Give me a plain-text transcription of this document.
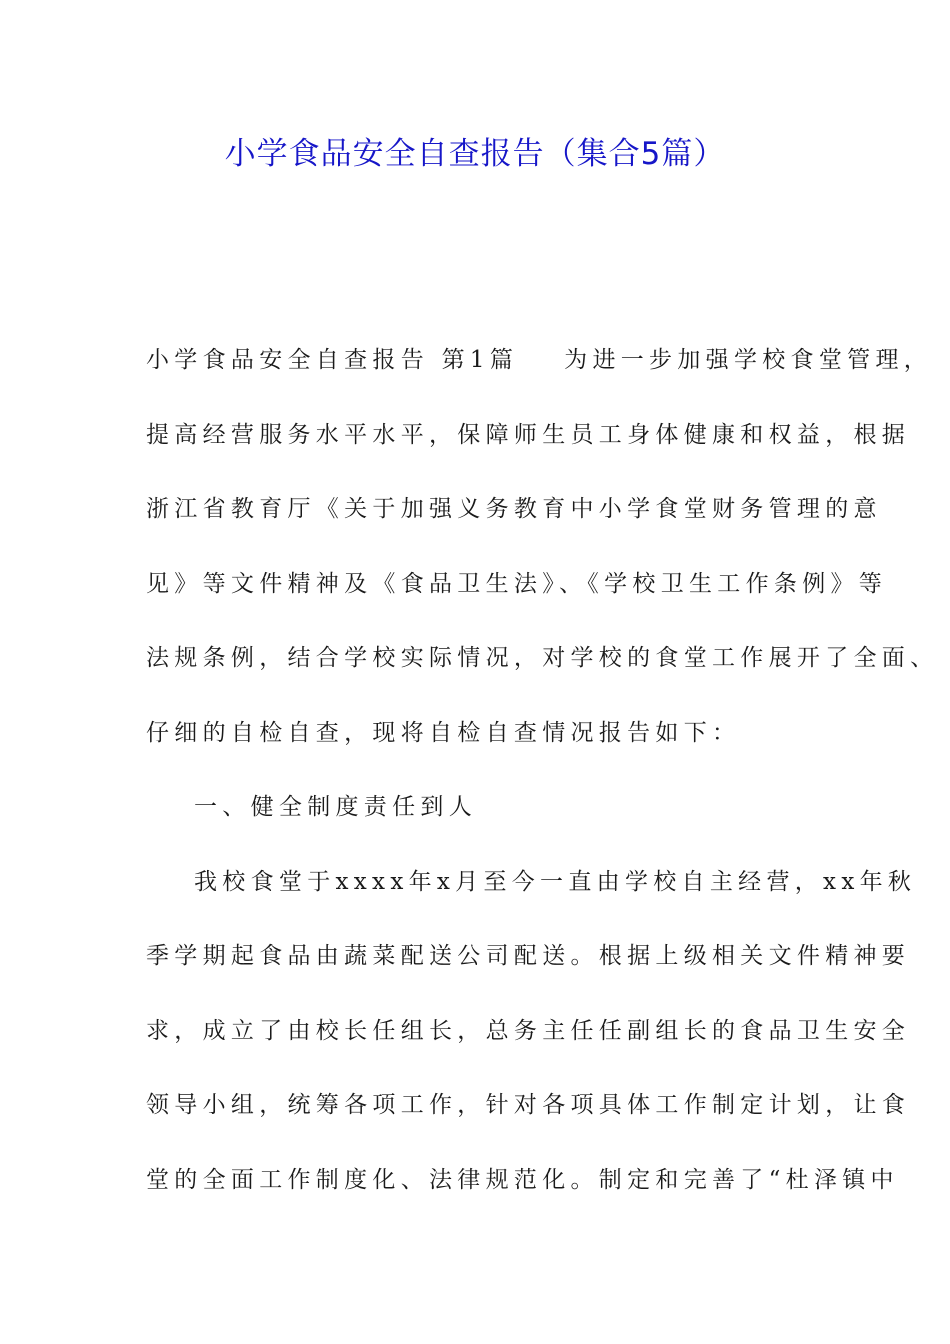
小学食品安全自查报告（集合5篇）
小学食品安全自查报告 第1篇 为进一步加强学校食堂管理，
提高经营服务水平水平，保障师生员工身体健康和权益，根据
浙江省教育厅《关于加强义务教育中小学食堂财务管理的意
见》等文件精神及《食品卫生法》、《学校卫生工作条例》等
法规条例，结合学校实际情况，对学校的食堂工作展开了全面、
仔细的自检自查，现将自检自查情况报告如下：
一、健全制度责任到人
我校食堂于xxxx年x月至今一直由学校自主经营，xx年秋
季学期起食品由蔬菜配送公司配送。根据上级相关文件精神要
求，成立了由校长任组长，总务主任任副组长的食品卫生安全
领导小组，统筹各项工作，针对各项具体工作制定计划，让食
堂的全面工作制度化、法律规范化。制定和完善了“杜泽镇中
